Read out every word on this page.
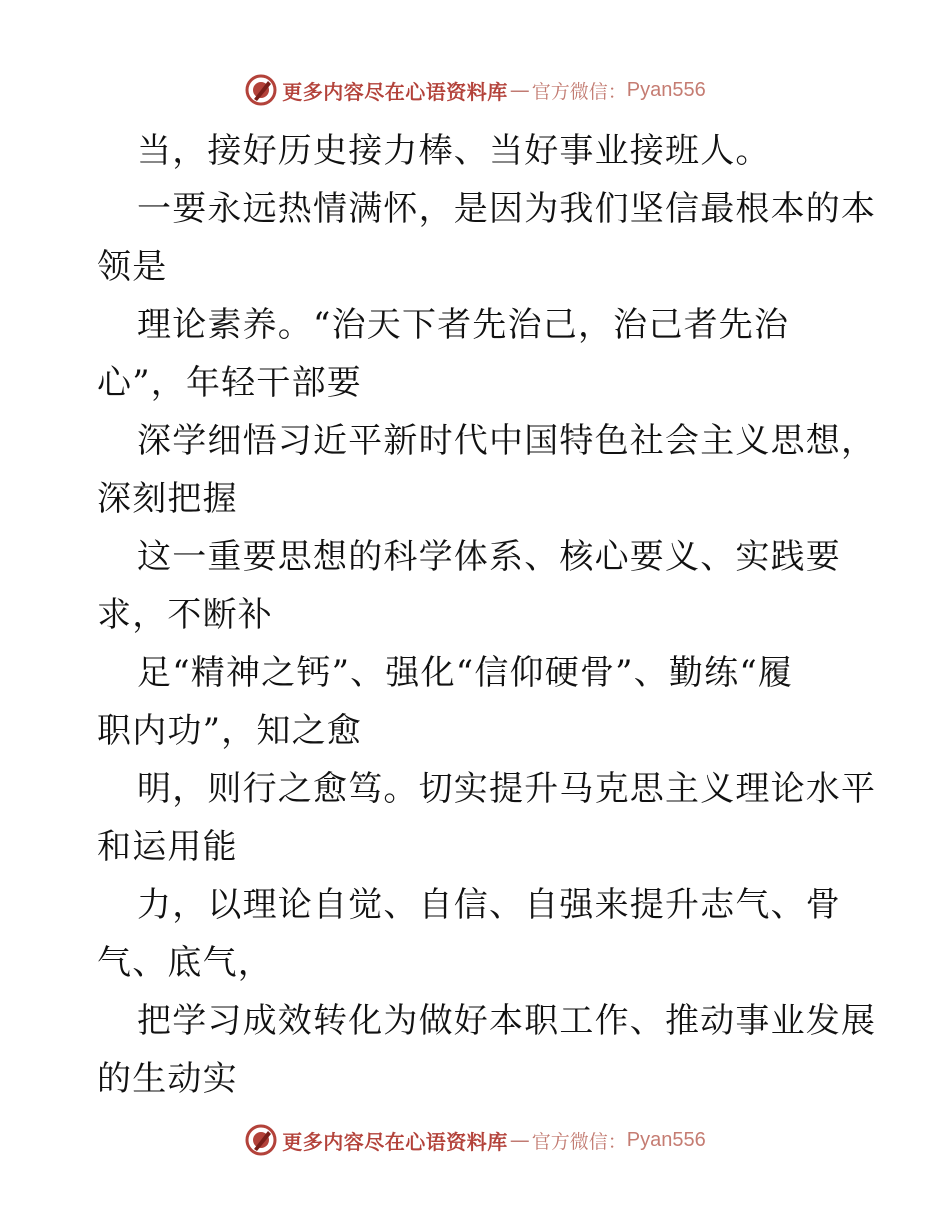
更多内容尽在心语资料库 — 官方微信： Pyan556
当，接好历史接力棒、当好事业接班人。
一要永远热情满怀，是因为我们坚信最根本的本
领是
理论素养。“治天下者先治己，治己者先治
心”，年轻干部要
深学细悟习近平新时代中国特色社会主义思想，
深刻把握
这一重要思想的科学体系、核心要义、实践要
求，不断补
足“精神之钙”、强化“信仰硬骨”、勤练“履
职内功”，知之愈
明，则行之愈笃。切实提升马克思主义理论水平
和运用能
力，以理论自觉、自信、自强来提升志气、骨
气、底气，
把学习成效转化为做好本职工作、推动事业发展
的生动实
更多内容尽在心语资料库 — 官方微信： Pyan556
